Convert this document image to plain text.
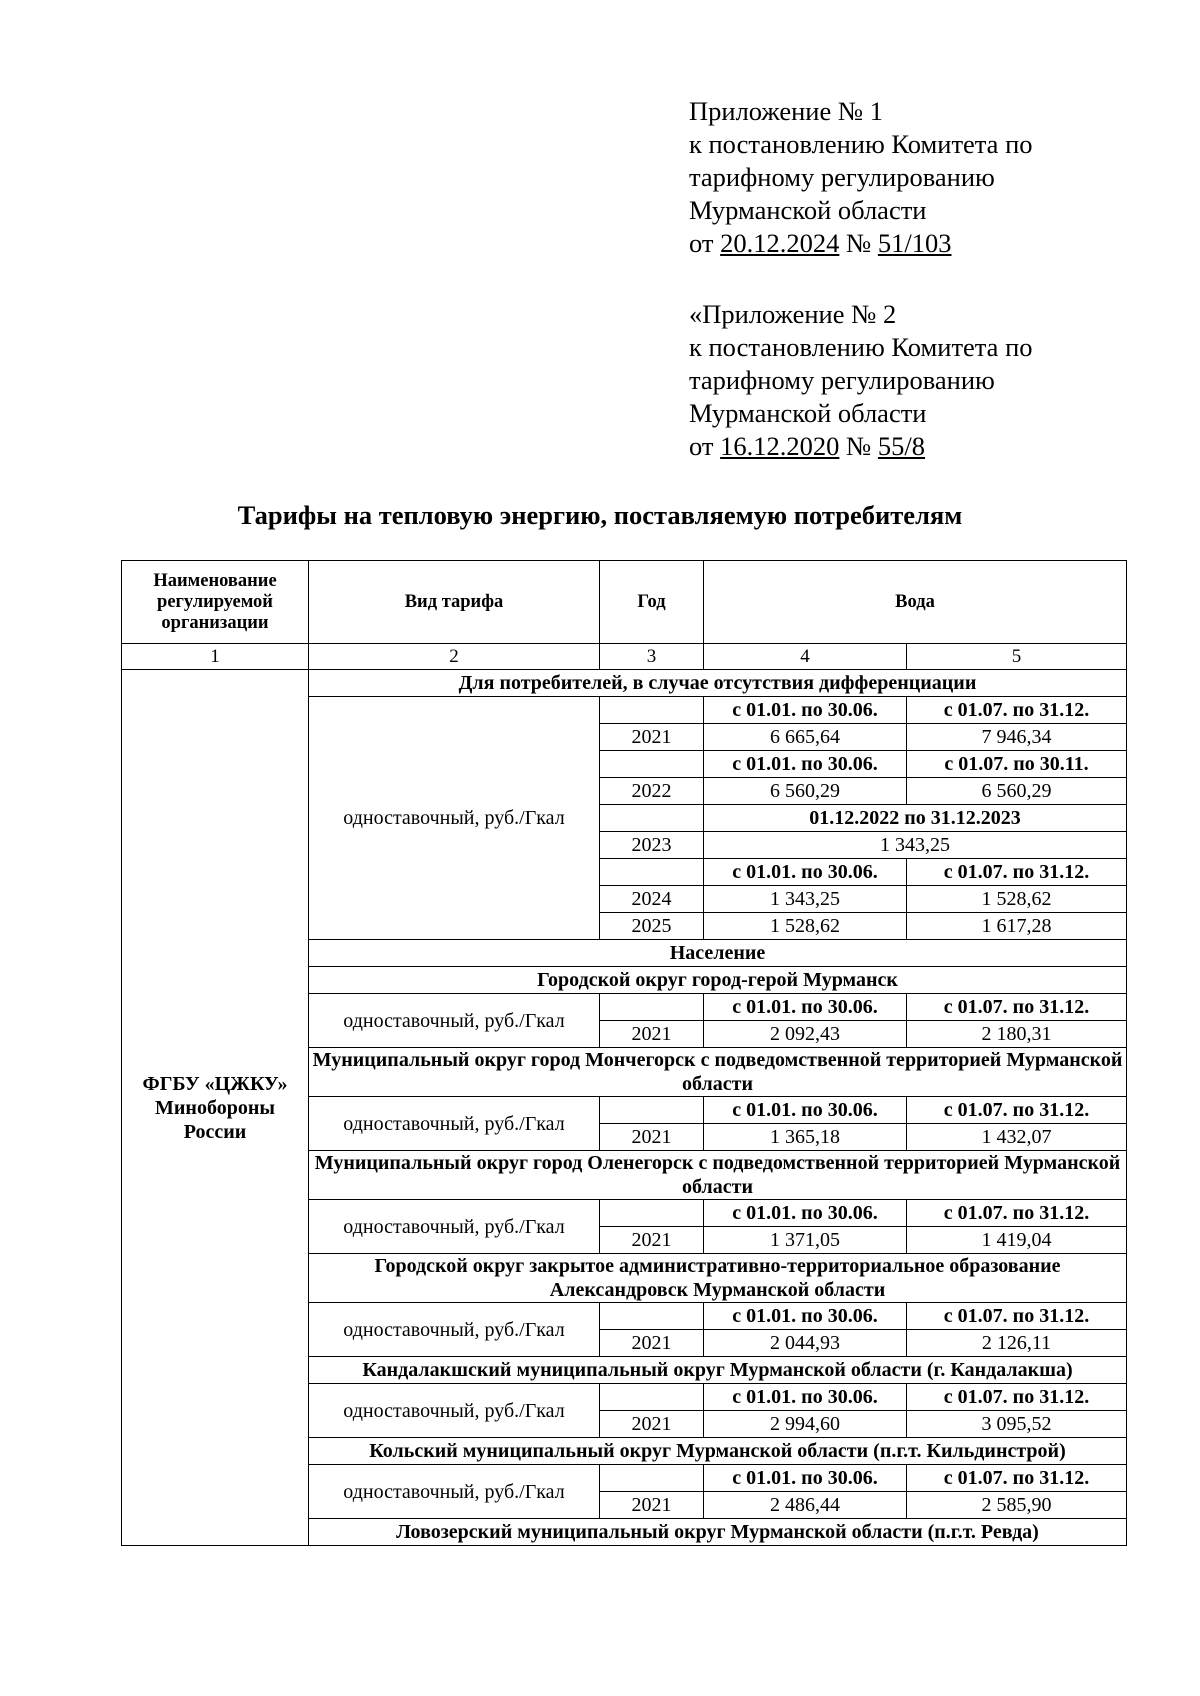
Приложение № 1
к постановлению Комитета по
тарифному регулированию
Мурманской области
от 20.12.2024 № 51/103
«Приложение № 2
к постановлению Комитета по
тарифному регулированию
Мурманской области
от 16.12.2020 № 55/8
Тарифы на тепловую энергию, поставляемую потребителям
Наименование регулируемой организации	Вид тарифа	Год	Вода	
1	2	3	4	5
ФГБУ «ЦЖКУ»
Минобороны
России	Для потребителей, в случае отсутствия дифференциации			
	одноставочный, руб./Гкал		с 01.01. по 30.06.	с 01.07. по 31.12.
		2021	6 665,64	7 946,34
			с 01.01. по 30.06.	с 01.07. по 30.11.
		2022	6 560,29	6 560,29
			01.12.2022 по 31.12.2023	
		2023	1 343,25	
			с 01.01. по 30.06.	с 01.07. по 31.12.
		2024	1 343,25	1 528,62
		2025	1 528,62	1 617,28
	Население			
	Городской округ город-герой Мурманск			
	одноставочный, руб./Гкал		с 01.01. по 30.06.	с 01.07. по 31.12.
		2021	2 092,43	2 180,31
	Муниципальный округ город Мончегорск с подведомственной территорией Мурманской области			
	одноставочный, руб./Гкал		с 01.01. по 30.06.	с 01.07. по 31.12.
		2021	1 365,18	1 432,07
	Муниципальный округ город Оленегорск с подведомственной территорией Мурманской области			
	одноставочный, руб./Гкал		с 01.01. по 30.06.	с 01.07. по 31.12.
		2021	1 371,05	1 419,04
	Городской округ закрытое административно-территориальное образование Александровск Мурманской области			
	одноставочный, руб./Гкал		с 01.01. по 30.06.	с 01.07. по 31.12.
		2021	2 044,93	2 126,11
	Кандалакшский муниципальный округ Мурманской области (г. Кандалакша)			
	одноставочный, руб./Гкал		с 01.01. по 30.06.	с 01.07. по 31.12.
		2021	2 994,60	3 095,52
	Кольский муниципальный округ Мурманской области (п.г.т. Кильдинстрой)			
	одноставочный, руб./Гкал		с 01.01. по 30.06.	с 01.07. по 31.12.
		2021	2 486,44	2 585,90
	Ловозерский муниципальный округ Мурманской области (п.г.т. Ревда)			
